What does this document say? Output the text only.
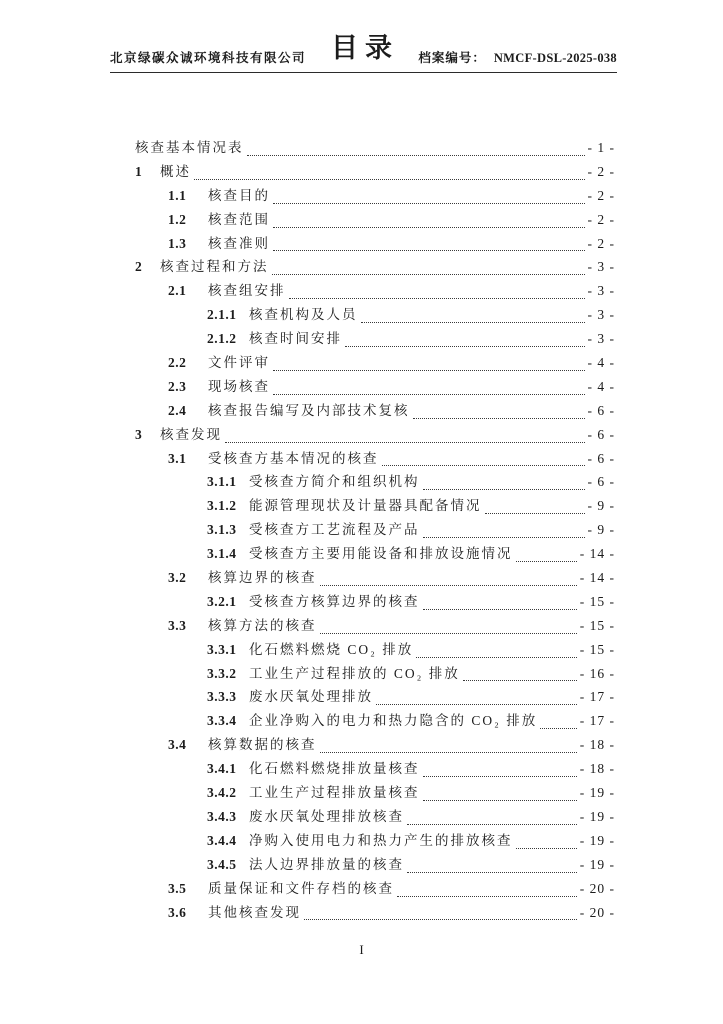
北京绿碳众诚环境科技有限公司	档案编号： NMCF-DSL-2025-038
目录
核查基本情况表	- 1 -
1	概述	- 2 -
1.1	核查目的	- 2 -
1.2	核查范围	- 2 -
1.3	核查准则	- 2 -
2	核查过程和方法	- 3 -
2.1	核查组安排	- 3 -
2.1.1 核查机构及人员	- 3 -
2.1.2 核查时间安排	- 3 -
2.2	文件评审	- 4 -
2.3	现场核查	- 4 -
2.4	核查报告编写及内部技术复核	- 6 -
3	核查发现	- 6 -
3.1	受核查方基本情况的核查	- 6 -
3.1.1 受核查方简介和组织机构	- 6 -
3.1.2 能源管理现状及计量器具配备情况	- 9 -
3.1.3 受核查方工艺流程及产品	- 9 -
3.1.4 受核查方主要用能设备和排放设施情况	- 14 -
3.2	核算边界的核查	- 14 -
3.2.1 受核查方核算边界的核查	- 15 -
3.3	核算方法的核查	- 15 -
3.3.1 化石燃料燃烧 CO₂ 排放	- 15 -
3.3.2 工业生产过程排放的 CO₂ 排放	- 16 -
3.3.3 废水厌氧处理排放	- 17 -
3.3.4 企业净购入的电力和热力隐含的 CO₂ 排放	- 17 -
3.4	核算数据的核查	- 18 -
3.4.1 化石燃料燃烧排放量核查	- 18 -
3.4.2 工业生产过程排放量核查	- 19 -
3.4.3 废水厌氧处理排放核查	- 19 -
3.4.4 净购入使用电力和热力产生的排放核查	- 19 -
3.4.5 法人边界排放量的核查	- 19 -
3.5	质量保证和文件存档的核查	- 20 -
3.6	其他核查发现	- 20 -
I
